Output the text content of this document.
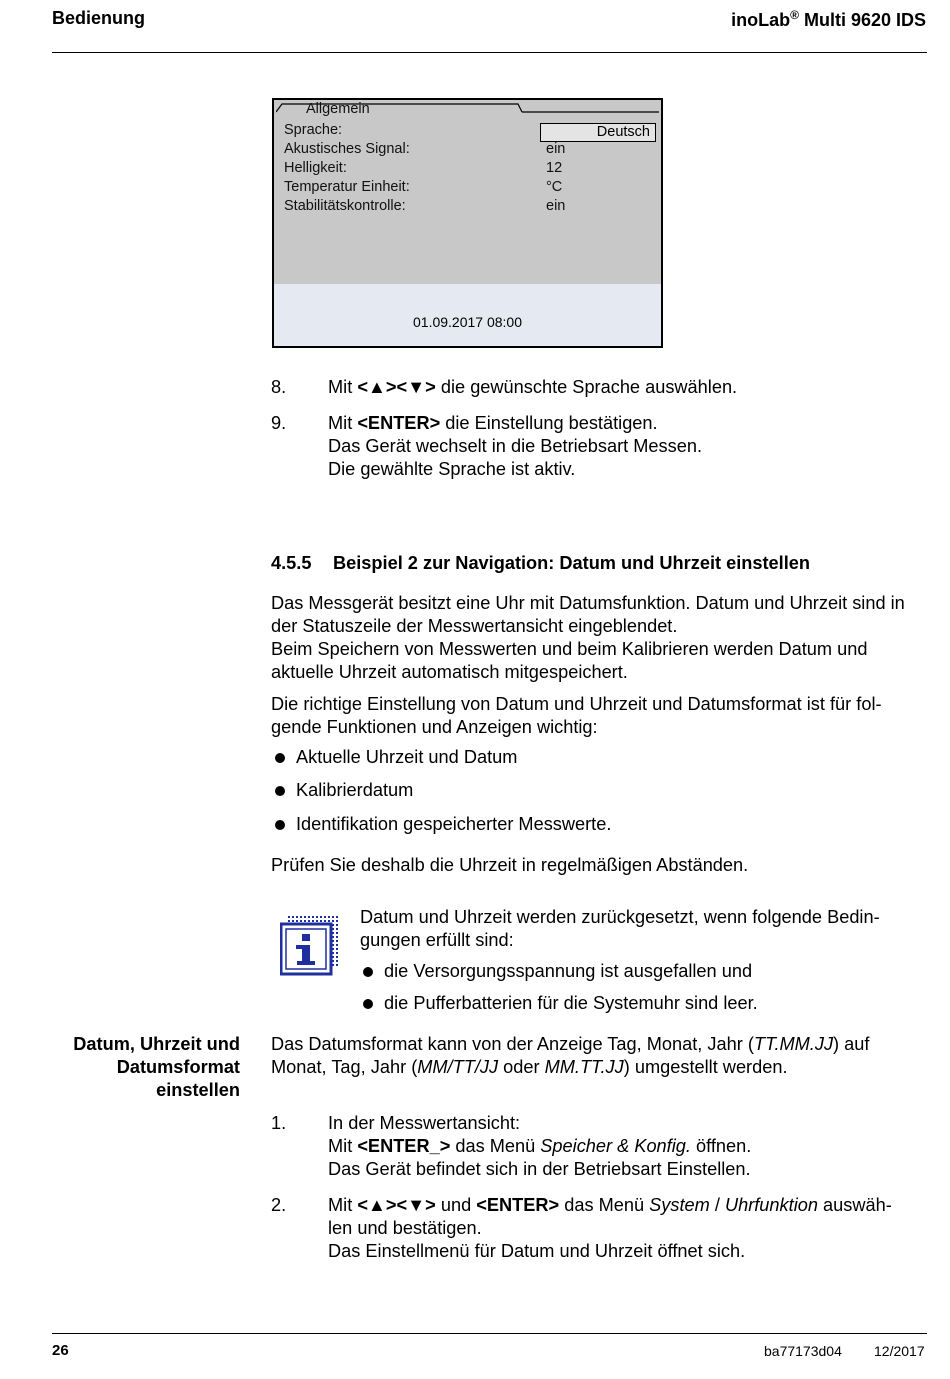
Bedienung	inoLab® Multi 9620 IDS
Allgemein
Sprache:	Deutsch
Akustisches Signal:	ein
Helligkeit:	12
Temperatur Einheit:	°C
Stabilitätskontrolle:	ein
01.09.2017 08:00
8. Mit <▲><▼> die gewünschte Sprache auswählen.
9. Mit <ENTER> die Einstellung bestätigen.
Das Gerät wechselt in die Betriebsart Messen.
Die gewählte Sprache ist aktiv.
4.5.5 Beispiel 2 zur Navigation: Datum und Uhrzeit einstellen
Das Messgerät besitzt eine Uhr mit Datumsfunktion. Datum und Uhrzeit sind in
der Statuszeile der Messwertansicht eingeblendet.
Beim Speichern von Messwerten und beim Kalibrieren werden Datum und
aktuelle Uhrzeit automatisch mitgespeichert.
Die richtige Einstellung von Datum und Uhrzeit und Datumsformat ist für fol-
gende Funktionen und Anzeigen wichtig:
Aktuelle Uhrzeit und Datum
Kalibrierdatum
Identifikation gespeicherter Messwerte.
Prüfen Sie deshalb die Uhrzeit in regelmäßigen Abständen.
Datum und Uhrzeit werden zurückgesetzt, wenn folgende Bedin-
gungen erfüllt sind:
die Versorgungsspannung ist ausgefallen und
die Pufferbatterien für die Systemuhr sind leer.
Datum, Uhrzeit und
Datumsformat
einstellen
Das Datumsformat kann von der Anzeige Tag, Monat, Jahr (TT.MM.JJ) auf
Monat, Tag, Jahr (MM/TT/JJ oder MM.TT.JJ) umgestellt werden.
1. In der Messwertansicht:
Mit <ENTER_> das Menü Speicher & Konfig. öffnen.
Das Gerät befindet sich in der Betriebsart Einstellen.
2. Mit <▲><▼> und <ENTER> das Menü System / Uhrfunktion auswäh-
len und bestätigen.
Das Einstellmenü für Datum und Uhrzeit öffnet sich.
26	ba77173d04 12/2017
